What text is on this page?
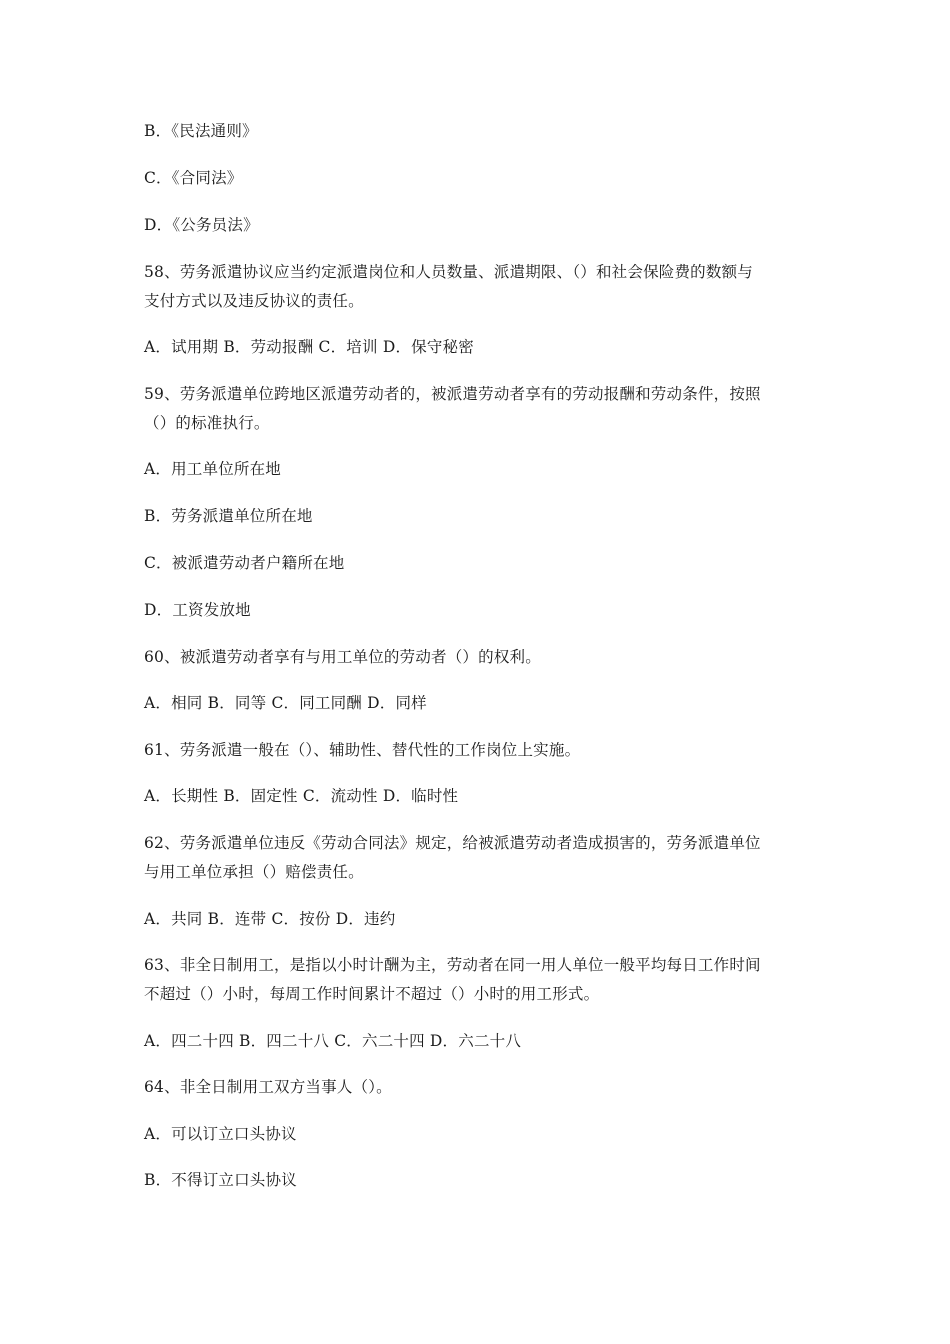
B．《民法通则》
C．《合同法》
D．《公务员法》
58、劳务派遣协议应当约定派遣岗位和人员数量、派遣期限、（）和社会保险费的数额与
支付方式以及违反协议的责任。
A．试用期 B．劳动报酬 C．培训 D．保守秘密
59、劳务派遣单位跨地区派遣劳动者的，被派遣劳动者享有的劳动报酬和劳动条件，按照
（）的标准执行。
A．用工单位所在地
B．劳务派遣单位所在地
C．被派遣劳动者户籍所在地
D．工资发放地
60、被派遣劳动者享有与用工单位的劳动者（）的权利。
A．相同 B．同等 C．同工同酬 D．同样
61、劳务派遣一般在（）、辅助性、替代性的工作岗位上实施。
A．长期性 B．固定性 C．流动性 D．临时性
62、劳务派遣单位违反《劳动合同法》规定，给被派遣劳动者造成损害的，劳务派遣单位
与用工单位承担（）赔偿责任。
A．共同 B．连带 C．按份 D．违约
63、非全日制用工，是指以小时计酬为主，劳动者在同一用人单位一般平均每日工作时间
不超过（）小时，每周工作时间累计不超过（）小时的用工形式。
A．四二十四 B．四二十八 C．六二十四 D．六二十八
64、非全日制用工双方当事人（）。
A．可以订立口头协议
B．不得订立口头协议
